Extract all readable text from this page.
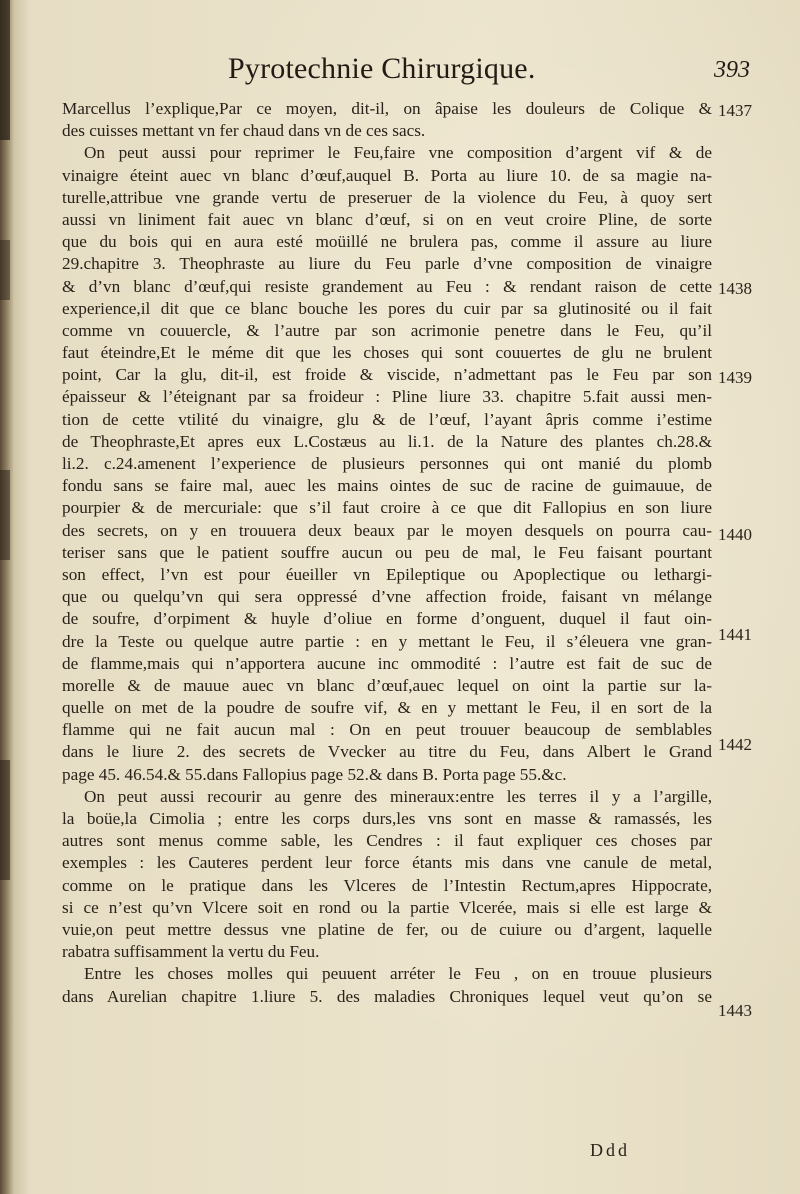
Pyrotechnie Chirurgique.	393
Marcellus l’explique,Par ce moyen, dit-il, on âpaise les douleurs de Colique &
des cuisses mettant vn fer chaud dans vn de ces sacs.
On peut aussi pour reprimer le Feu,faire vne composition d’argent vif & de
vinaigre éteint auec vn blanc d’œuf,auquel B. Porta au liure 10. de sa magie na-
turelle,attribue vne grande vertu de preseruer de la violence du Feu, à quoy sert
aussi vn liniment fait auec vn blanc d’œuf, si on en veut croire Pline, de sorte
que du bois qui en aura esté moüillé ne brulera pas, comme il assure au liure
29.chapitre 3. Theophraste au liure du Feu parle d’vne composition de vinaigre
& d’vn blanc d’œuf,qui resiste grandement au Feu : & rendant raison de cette
experience,il dit que ce blanc bouche les pores du cuir par sa glutinosité ou il fait
comme vn couuercle, & l’autre par son acrimonie penetre dans le Feu, qu’il
faut éteindre,Et le méme dit que les choses qui sont couuertes de glu ne brulent
point, Car la glu, dit-il, est froide & viscide, n’admettant pas le Feu par son
épaisseur & l’éteignant par sa froideur : Pline liure 33. chapitre 5.fait aussi men-
tion de cette vtilité du vinaigre, glu & de l’œuf, l’ayant âpris comme i’estime
de Theophraste,Et apres eux L.Costæus au li.1. de la Nature des plantes ch.28.&
li.2. c.24.amenent l’experience de plusieurs personnes qui ont manié du plomb
fondu sans se faire mal, auec les mains ointes de suc de racine de guimauue, de
pourpier & de mercuriale: que s’il faut croire à ce que dit Fallopius en son liure
des secrets, on y en trouuera deux beaux par le moyen desquels on pourra cau-
teriser sans que le patient souffre aucun ou peu de mal, le Feu faisant pourtant
son effect, l’vn est pour éueiller vn Epileptique ou Apoplectique ou lethargi-
que ou quelqu’vn qui sera oppressé d’vne affection froide, faisant vn mélange
de soufre, d’orpiment & huyle d’oliue en forme d’onguent, duquel il faut oin-
dre la Teste ou quelque autre partie : en y mettant le Feu, il s’éleuera vne gran-
de flamme,mais qui n’apportera aucune inc ommodité : l’autre est fait de suc de
morelle & de mauue auec vn blanc d’œuf,auec lequel on oint la partie sur la-
quelle on met de la poudre de soufre vif, & en y mettant le Feu, il en sort de la
flamme qui ne fait aucun mal : On en peut trouuer beaucoup de semblables
dans le liure 2. des secrets de Vvecker au titre du Feu, dans Albert le Grand
page 45. 46.54.& 55.dans Fallopius page 52.& dans B. Porta page 55.&c.
On peut aussi recourir au genre des mineraux:entre les terres il y a l’argille,
la boüe,la Cimolia ; entre les corps durs,les vns sont en masse & ramassés, les
autres sont menus comme sable, les Cendres : il faut expliquer ces choses par
exemples : les Cauteres perdent leur force étants mis dans vne canule de metal,
comme on le pratique dans les Vlceres de l’Intestin Rectum,apres Hippocrate,
si ce n’est qu’vn Vlcere soit en rond ou la partie Vlcerée, mais si elle est large &
vuie,on peut mettre dessus vne platine de fer, ou de cuiure ou d’argent, laquelle
rabatra suffisamment la vertu du Feu.
Entre les choses molles qui peuuent arréter le Feu , on en trouue plusieurs
dans Aurelian chapitre 1.liure 5. des maladies Chroniques lequel veut qu’on se
1437
1438
1439
1440
1441
1442
1443
Ddd
